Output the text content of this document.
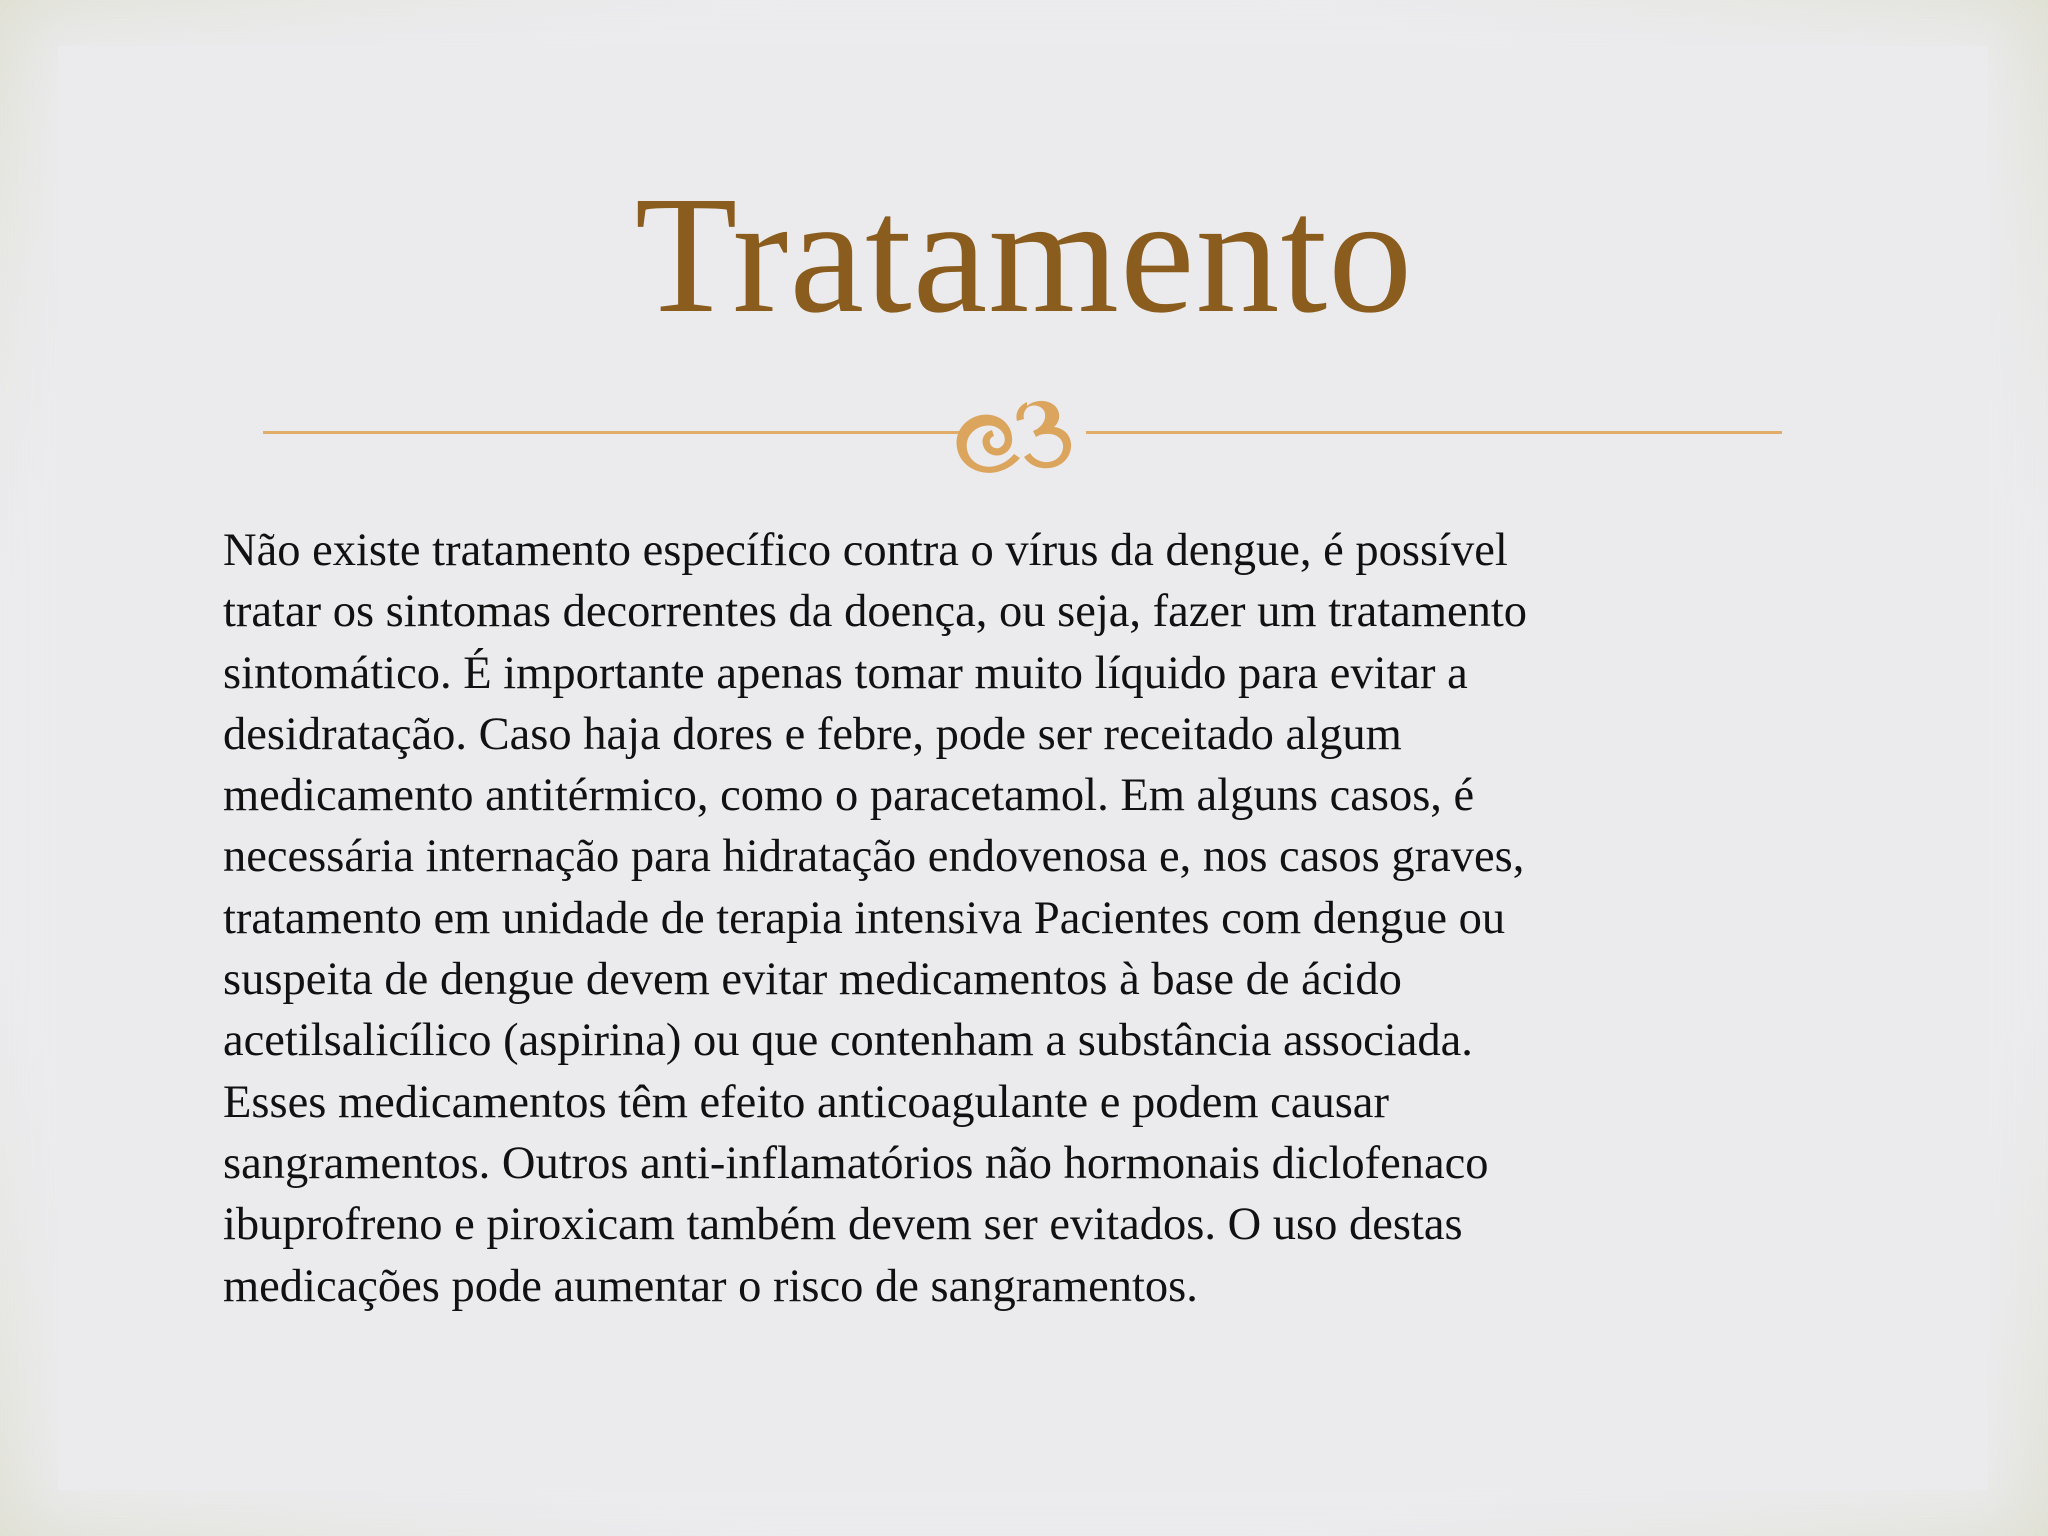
Tratamento
Não existe tratamento específico contra o vírus da dengue, é possível
tratar os sintomas decorrentes da doença, ou seja, fazer um tratamento
sintomático. É importante apenas tomar muito líquido para evitar a
desidratação. Caso haja dores e febre, pode ser receitado algum
medicamento antitérmico, como o paracetamol. Em alguns casos, é
necessária internação para hidratação endovenosa e, nos casos graves,
tratamento em unidade de terapia intensiva Pacientes com dengue ou
suspeita de dengue devem evitar medicamentos à base de ácido
acetilsalicílico (aspirina) ou que contenham a substância associada.
Esses medicamentos têm efeito anticoagulante e podem causar
sangramentos. Outros anti-inflamatórios não hormonais diclofenaco
ibuprofreno e piroxicam também devem ser evitados. O uso destas
medicações pode aumentar o risco de sangramentos.
